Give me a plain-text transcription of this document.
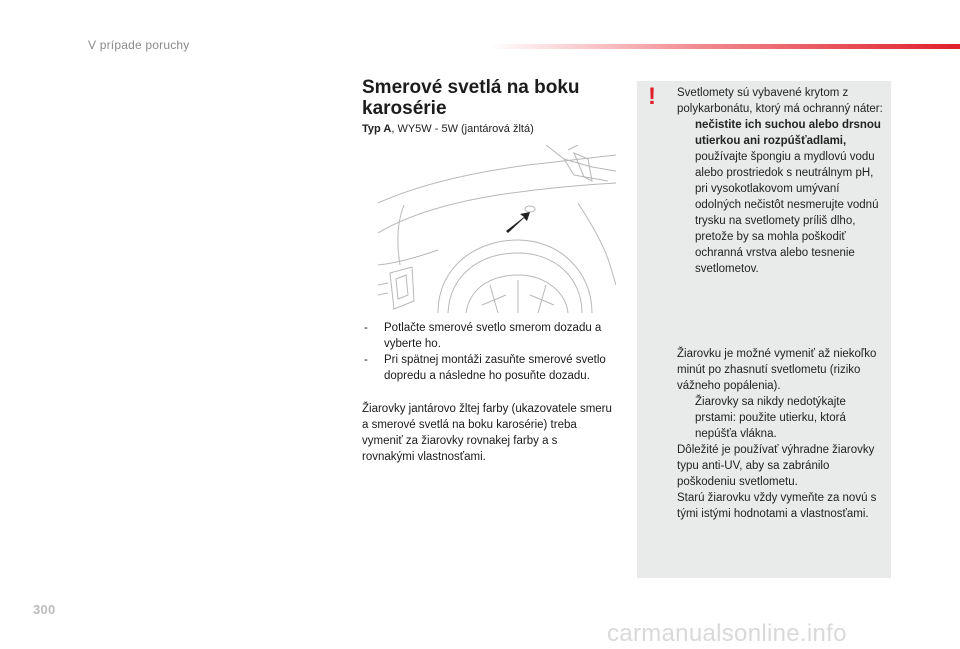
V prípade poruchy
Smerové svetlá na boku karosérie
Typ A, WY5W - 5W (jantárová žltá)
- Potlačte smerové svetlo smerom dozadu a vyberte ho.
- Pri spätnej montáži zasuňte smerové svetlo dopredu a následne ho posuňte dozadu.
Žiarovky jantárovo žltej farby (ukazovatele smeru a smerové svetlá na boku karosérie) treba vymeniť za žiarovky rovnakej farby a s rovnakými vlastnosťami.
! Svetlomety sú vybavené krytom z polykarbonátu, ktorý má ochranný náter:

nečistite ich suchou alebo drsnou utierkou ani rozpúšťadlami,
používajte špongiu a mydlovú vodu alebo prostriedok s neutrálnym pH,
pri vysokotlakovom umývaní odolných nečistôt nesmerujte vodnú trysku na svetlomety príliš dlho, pretože by sa mohla poškodiť ochranná vrstva alebo tesnenie svetlometov.

Žiarovku je možné vymeniť až niekoľko minút po zhasnutí svetlometu (riziko vážneho popálenia).

Žiarovky sa nikdy nedotýkajte prstami: použite utierku, ktorá nepúšťa vlákna.

Dôležité je používať výhradne žiarovky typu anti-UV, aby sa zabránilo poškodeniu svetlometu.

Starú žiarovku vždy vymeňte za novú s tými istými hodnotami a vlastnosťami.

300
carmanualsonline.info
